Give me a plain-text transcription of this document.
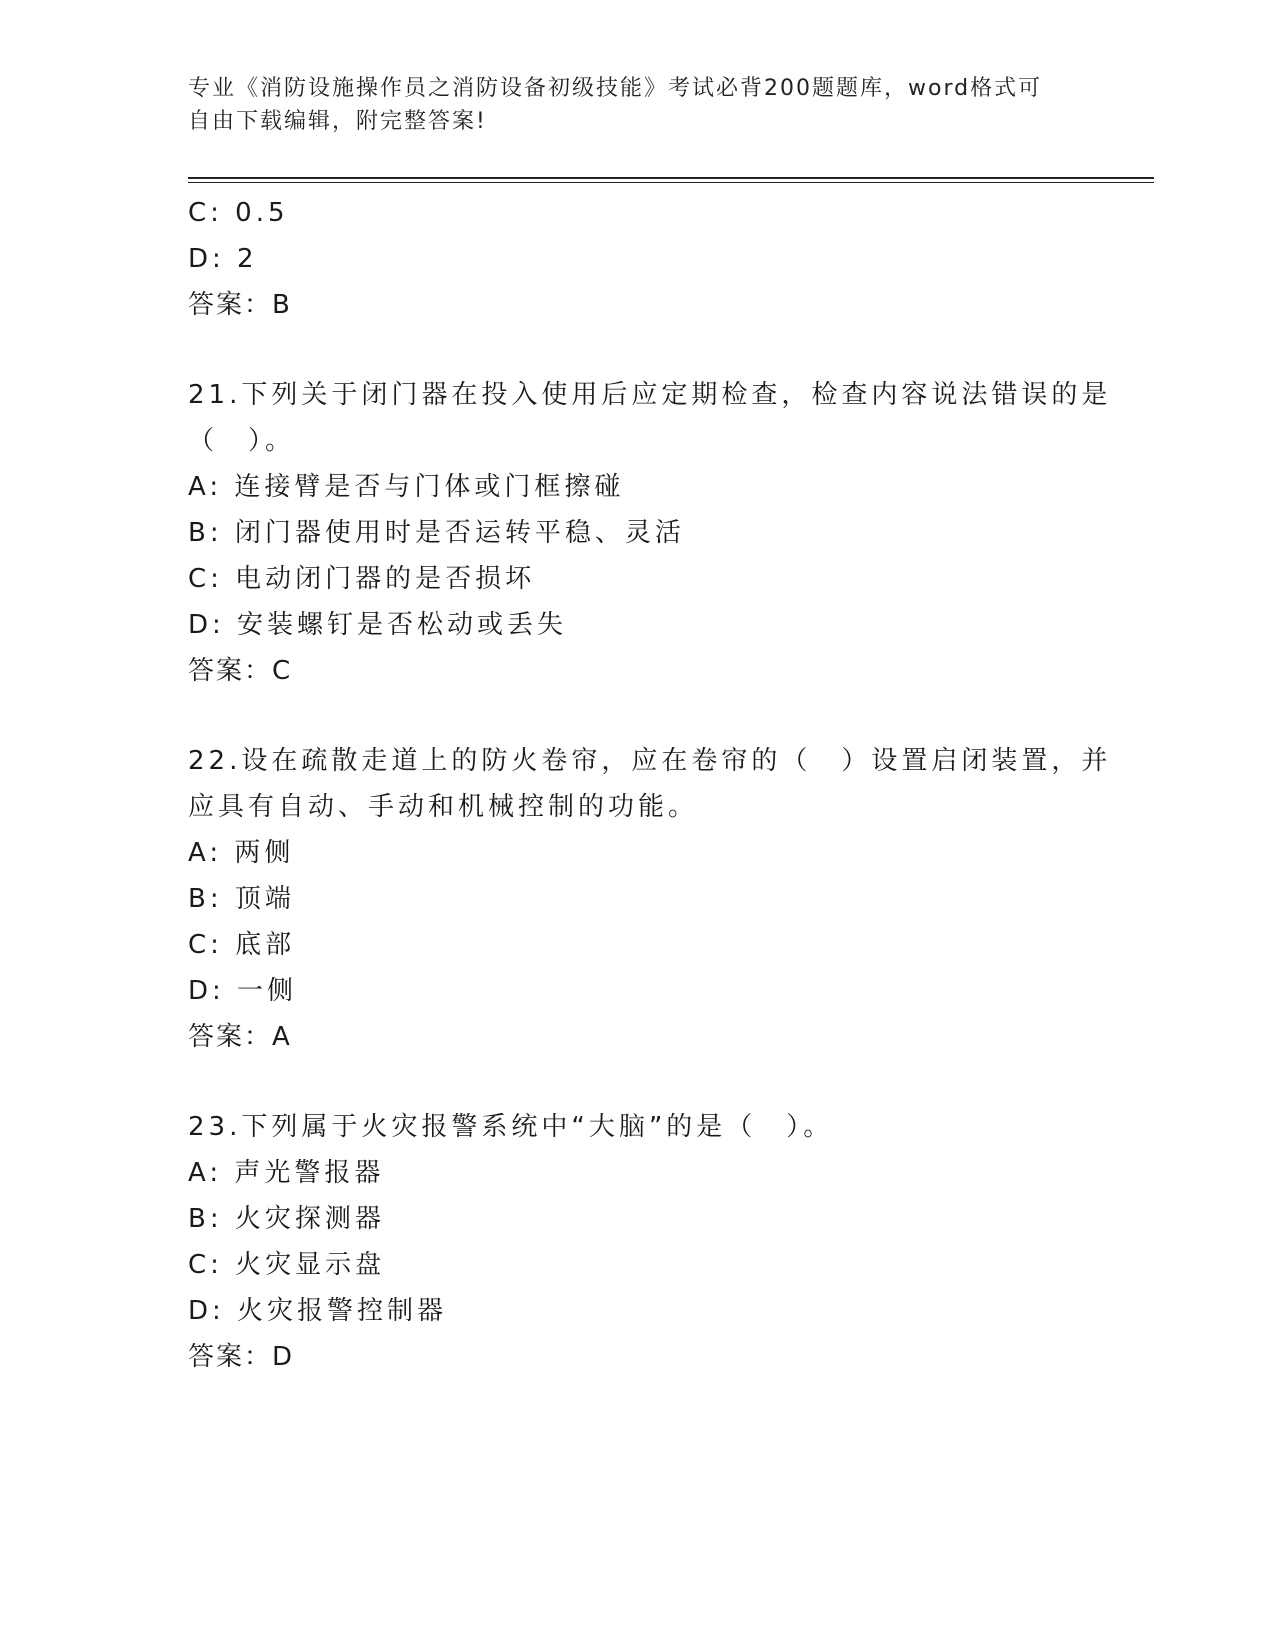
专业《消防设施操作员之消防设备初级技能》考试必背200题题库，word格式可
自由下载编辑，附完整答案!
C: 0.5
D: 2
答案：B
21.下列关于闭门器在投入使用后应定期检查，检查内容说法错误的是
（　）。
A: 连接臂是否与门体或门框擦碰
B: 闭门器使用时是否运转平稳、灵活
C: 电动闭门器的是否损坏
D: 安装螺钉是否松动或丢失
答案：C
22.设在疏散走道上的防火卷帘，应在卷帘的（　）设置启闭装置，并
应具有自动、手动和机械控制的功能。
A: 两侧
B: 顶端
C: 底部
D: 一侧
答案：A
23.下列属于火灾报警系统中“大脑”的是（　）。
A: 声光警报器
B: 火灾探测器
C: 火灾显示盘
D: 火灾报警控制器
答案：D
